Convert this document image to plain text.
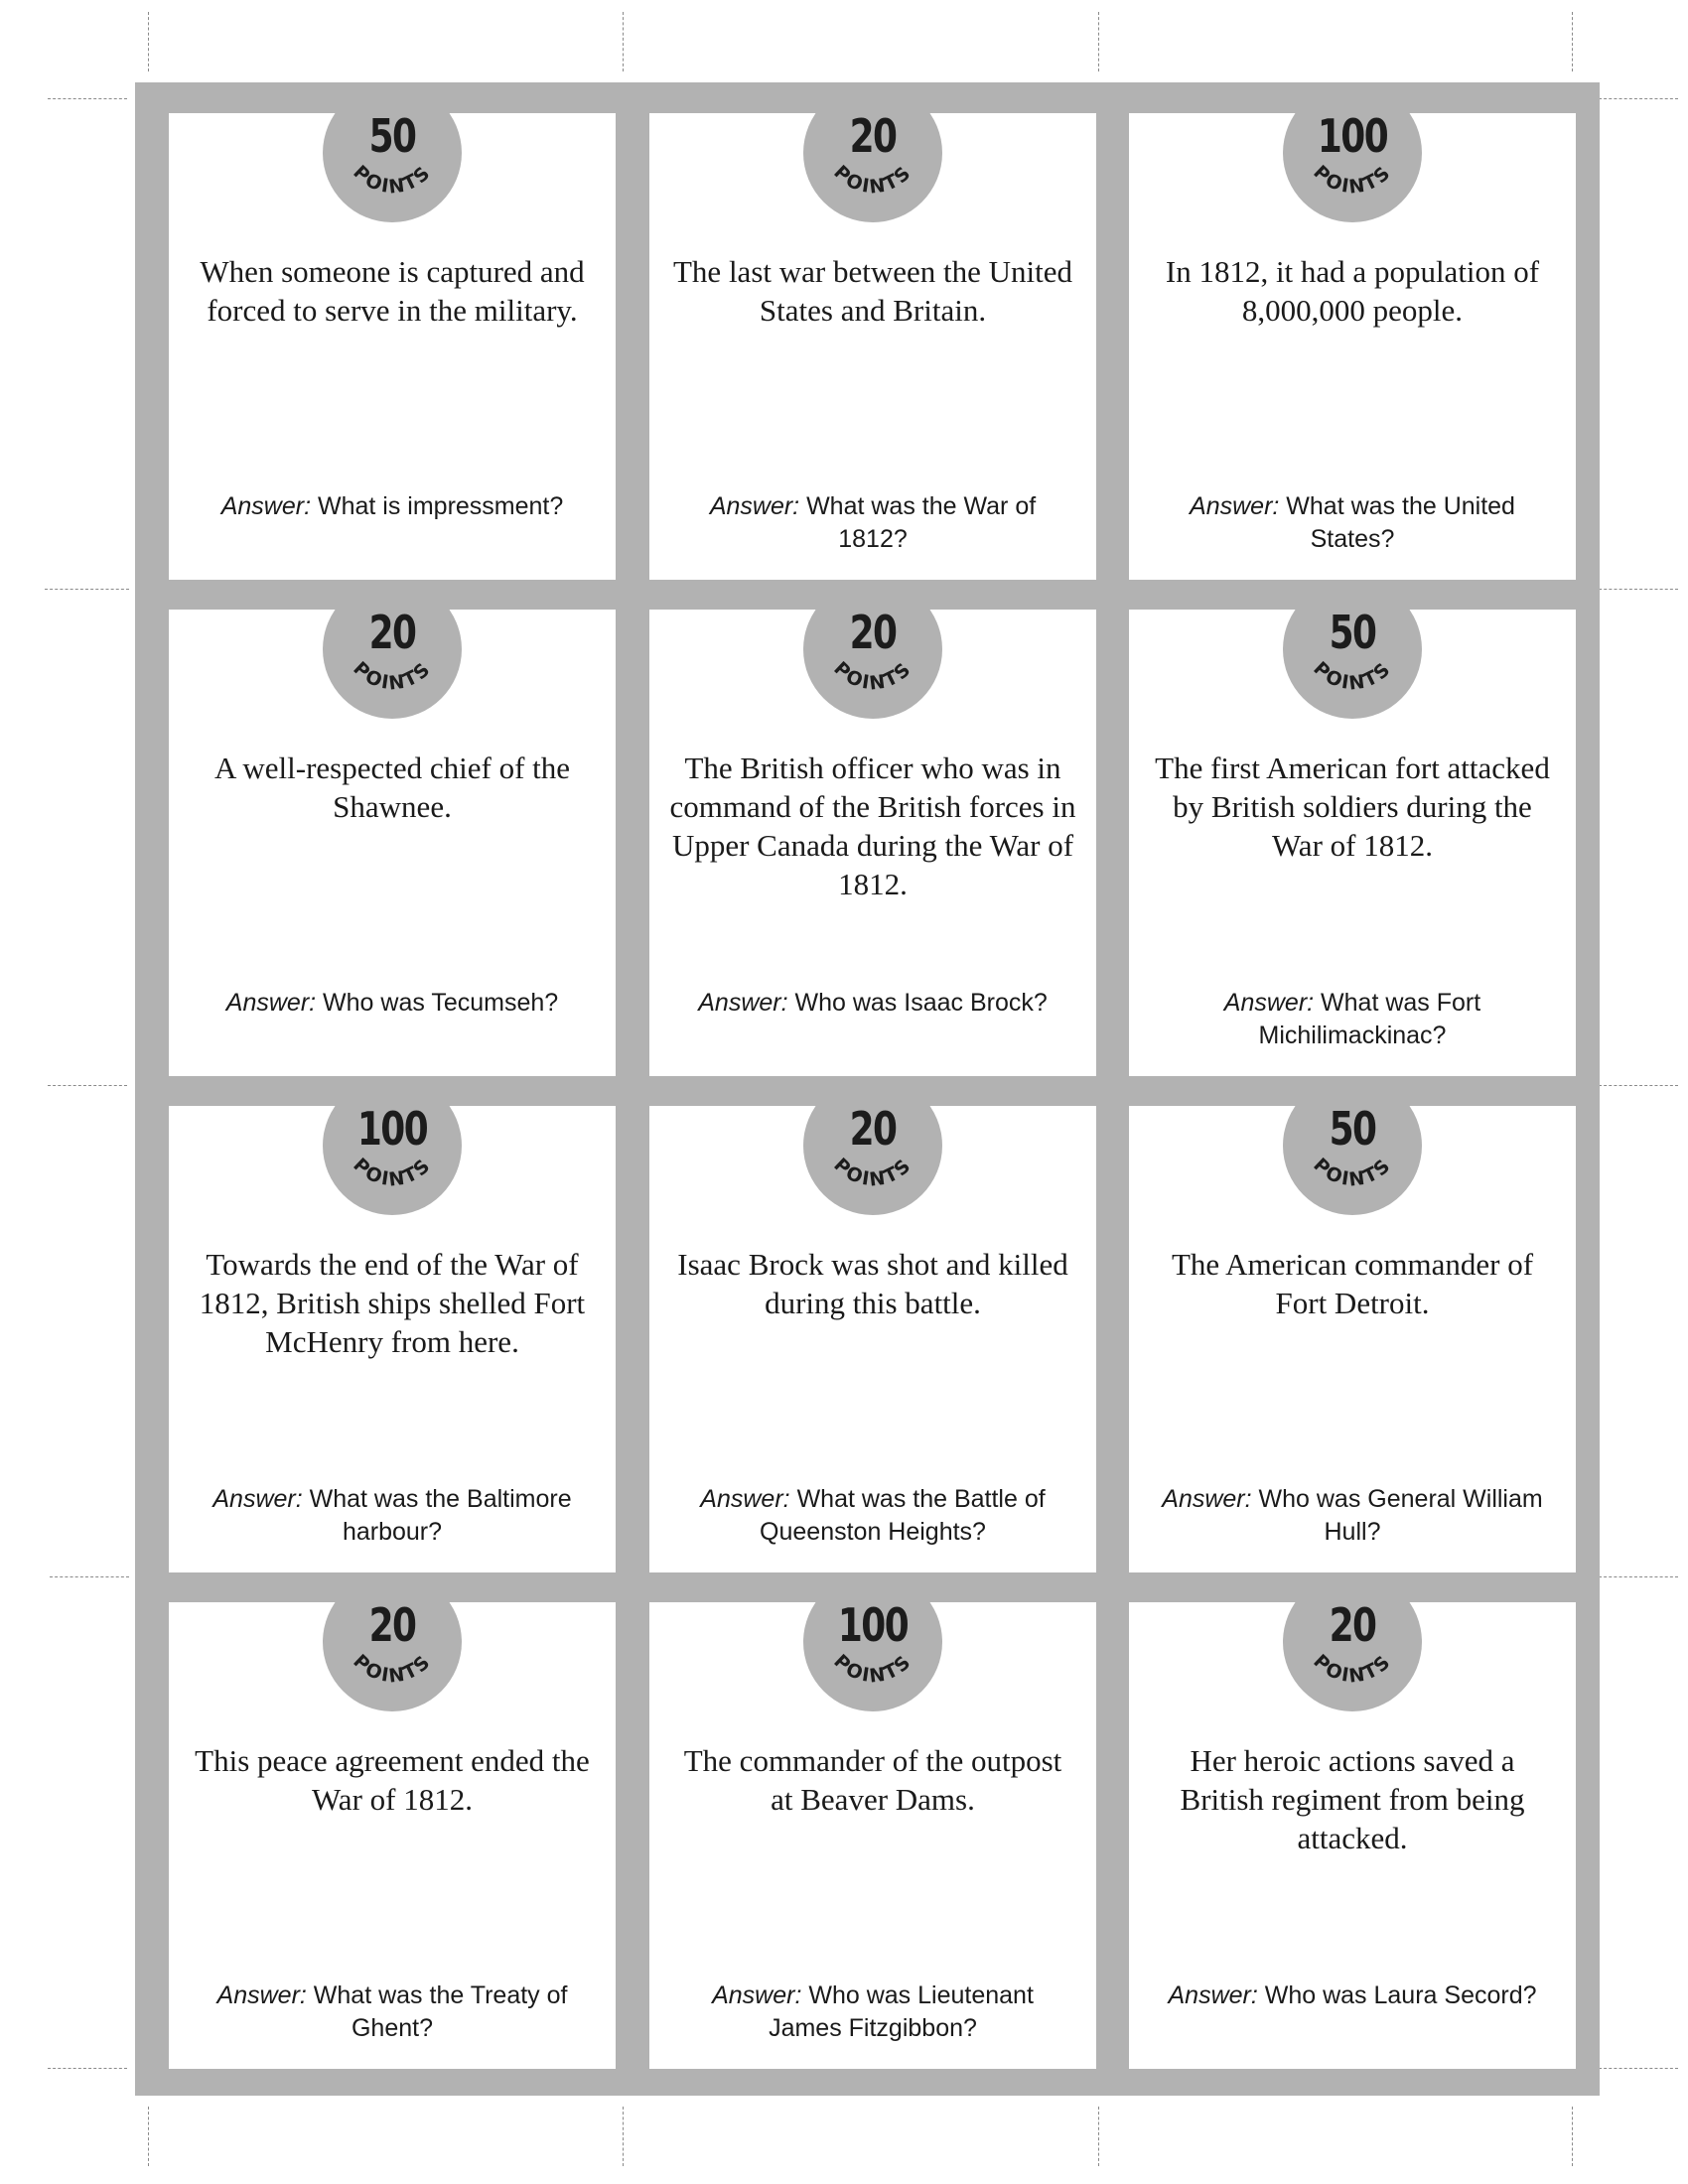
50
POINTS
When someone is captured and forced to serve in the military.
Answer: What is impressment?
20
POINTS
The last war between the United States and Britain.
Answer: What was the War of 1812?
100
POINTS
In 1812, it had a population of 8,000,000 people.
Answer: What was the United States?
20
POINTS
A well-respected chief of the Shawnee.
Answer: Who was Tecumseh?
20
POINTS
The British officer who was in command of the British forces in Upper Canada during the War of 1812.
Answer: Who was Isaac Brock?
50
POINTS
The first American fort attacked by British soldiers during the War of 1812.
Answer: What was Fort Michilimackinac?
100
POINTS
Towards the end of the War of 1812, British ships shelled Fort McHenry from here.
Answer: What was the Baltimore harbour?
20
POINTS
Isaac Brock was shot and killed during this battle.
Answer: What was the Battle of Queenston Heights?
50
POINTS
The American commander of Fort Detroit.
Answer: Who was General William Hull?
20
POINTS
This peace agreement ended the War of 1812.
Answer: What was the Treaty of Ghent?
100
POINTS
The commander of the outpost at Beaver Dams.
Answer: Who was Lieutenant James Fitzgibbon?
20
POINTS
Her heroic actions saved a British regiment from being attacked.
Answer: Who was Laura Secord?
